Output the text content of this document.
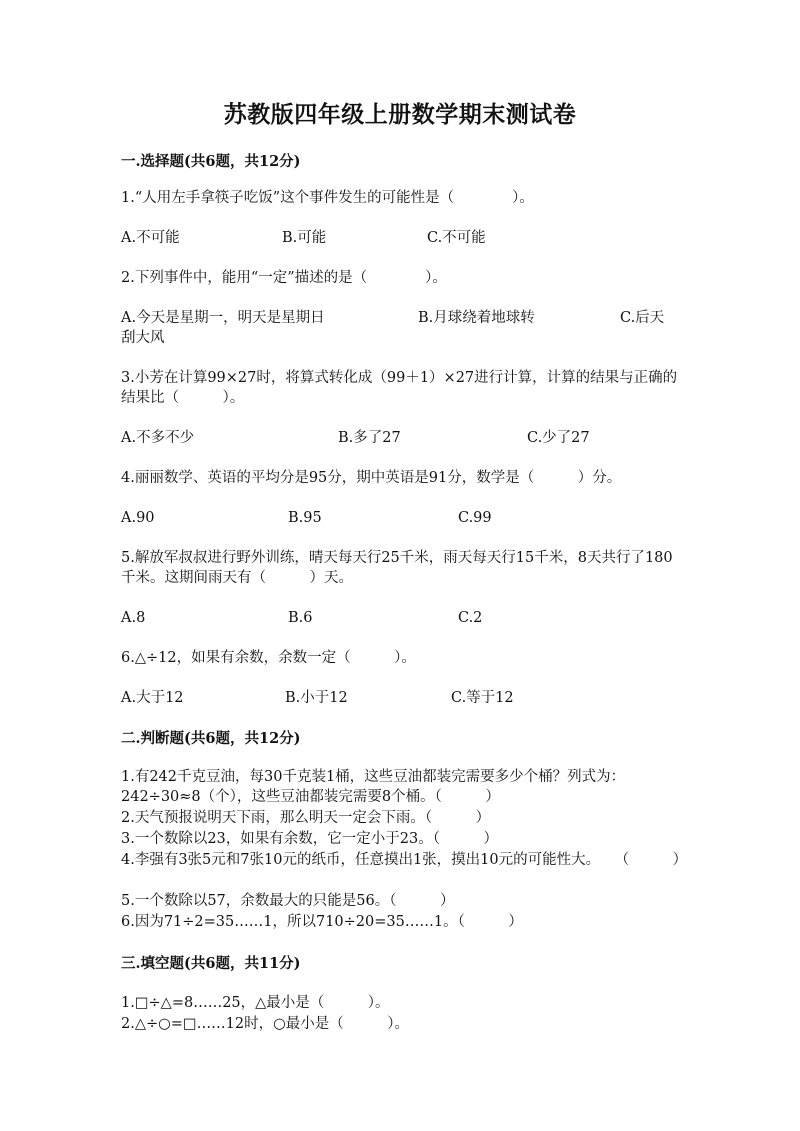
苏教版四年级上册数学期末测试卷
一.选择题(共6题，共12分)
1.“人用左手拿筷子吃饭”这个事件发生的可能性是（　　　　）。
A.不可能	B.可能	C.不可能
2.下列事件中，能用“一定”描述的是（　　　　）。
A.今天是星期一，明天是星期日	B.月球绕着地球转	C.后天
刮大风
3.小芳在计算99×27时，将算式转化成（99＋1）×27进行计算，计算的结果与正确的结果比（　　　）。
A.不多不少	B.多了27	C.少了27
4.丽丽数学、英语的平均分是95分，期中英语是91分，数学是（　　　）分。
A.90	B.95	C.99
5.解放军叔叔进行野外训练，晴天每天行25千米，雨天每天行15千米，8天共行了180千米。这期间雨天有（　　　）天。
A.8	B.6	C.2
6.△÷12，如果有余数，余数一定（　　　）。
A.大于12	B.小于12	C.等于12
二.判断题(共6题，共12分)
1.有242千克豆油，每30千克装1桶，这些豆油都装完需要多少个桶？列式为：242÷30≈8（个），这些豆油都装完需要8个桶。（　　　）
2.天气预报说明天下雨，那么明天一定会下雨。（　　　）
3.一个数除以23，如果有余数，它一定小于23。（　　　）
4.李强有3张5元和7张10元的纸币，任意摸出1张，摸出10元的可能性大。　　（　　　）
5.一个数除以57，余数最大的只能是56。（　　　）
6.因为71÷2=35……1，所以710÷20=35……1。（　　　）
三.填空题(共6题，共11分)
1.□÷△=8……25，△最小是（　　　）。
2.△÷○=□……12时，○最小是（　　　）。
